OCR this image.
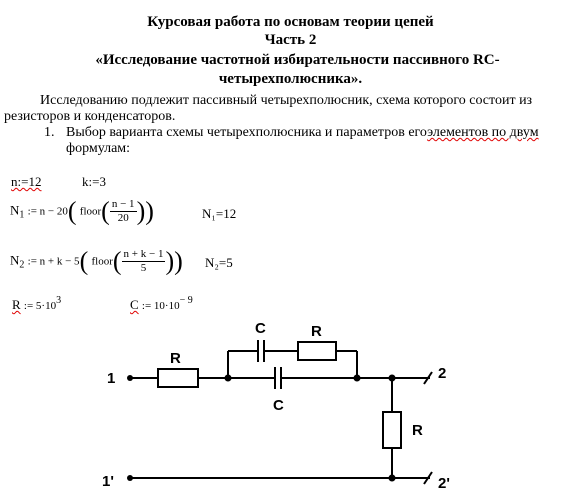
Курсовая работа по основам теории цепей
Часть 2
«Исследование частотной избирательности пассивного RC-
четырехполюсника».
Исследованию подлежит пассивный четырехполюсник, схема которого состоит из
резисторов и конденсаторов.
1. Выбор варианта схемы четырехполюсника и параметров егоэлементов по двум
формулам:
n:=12	k:=3
$N_1$ := n − 20( floor( $\frac{n - 1}{20}$ ))	N₁=12
$N_2$ := n + k − 5( floor( $\frac{n + k - 1}{5}$ )) N₂=5
R := $5\cdot 10^3$	C := $10\cdot 10^{- 9}$
C	R
R
C
R
1	2
1'	2'
